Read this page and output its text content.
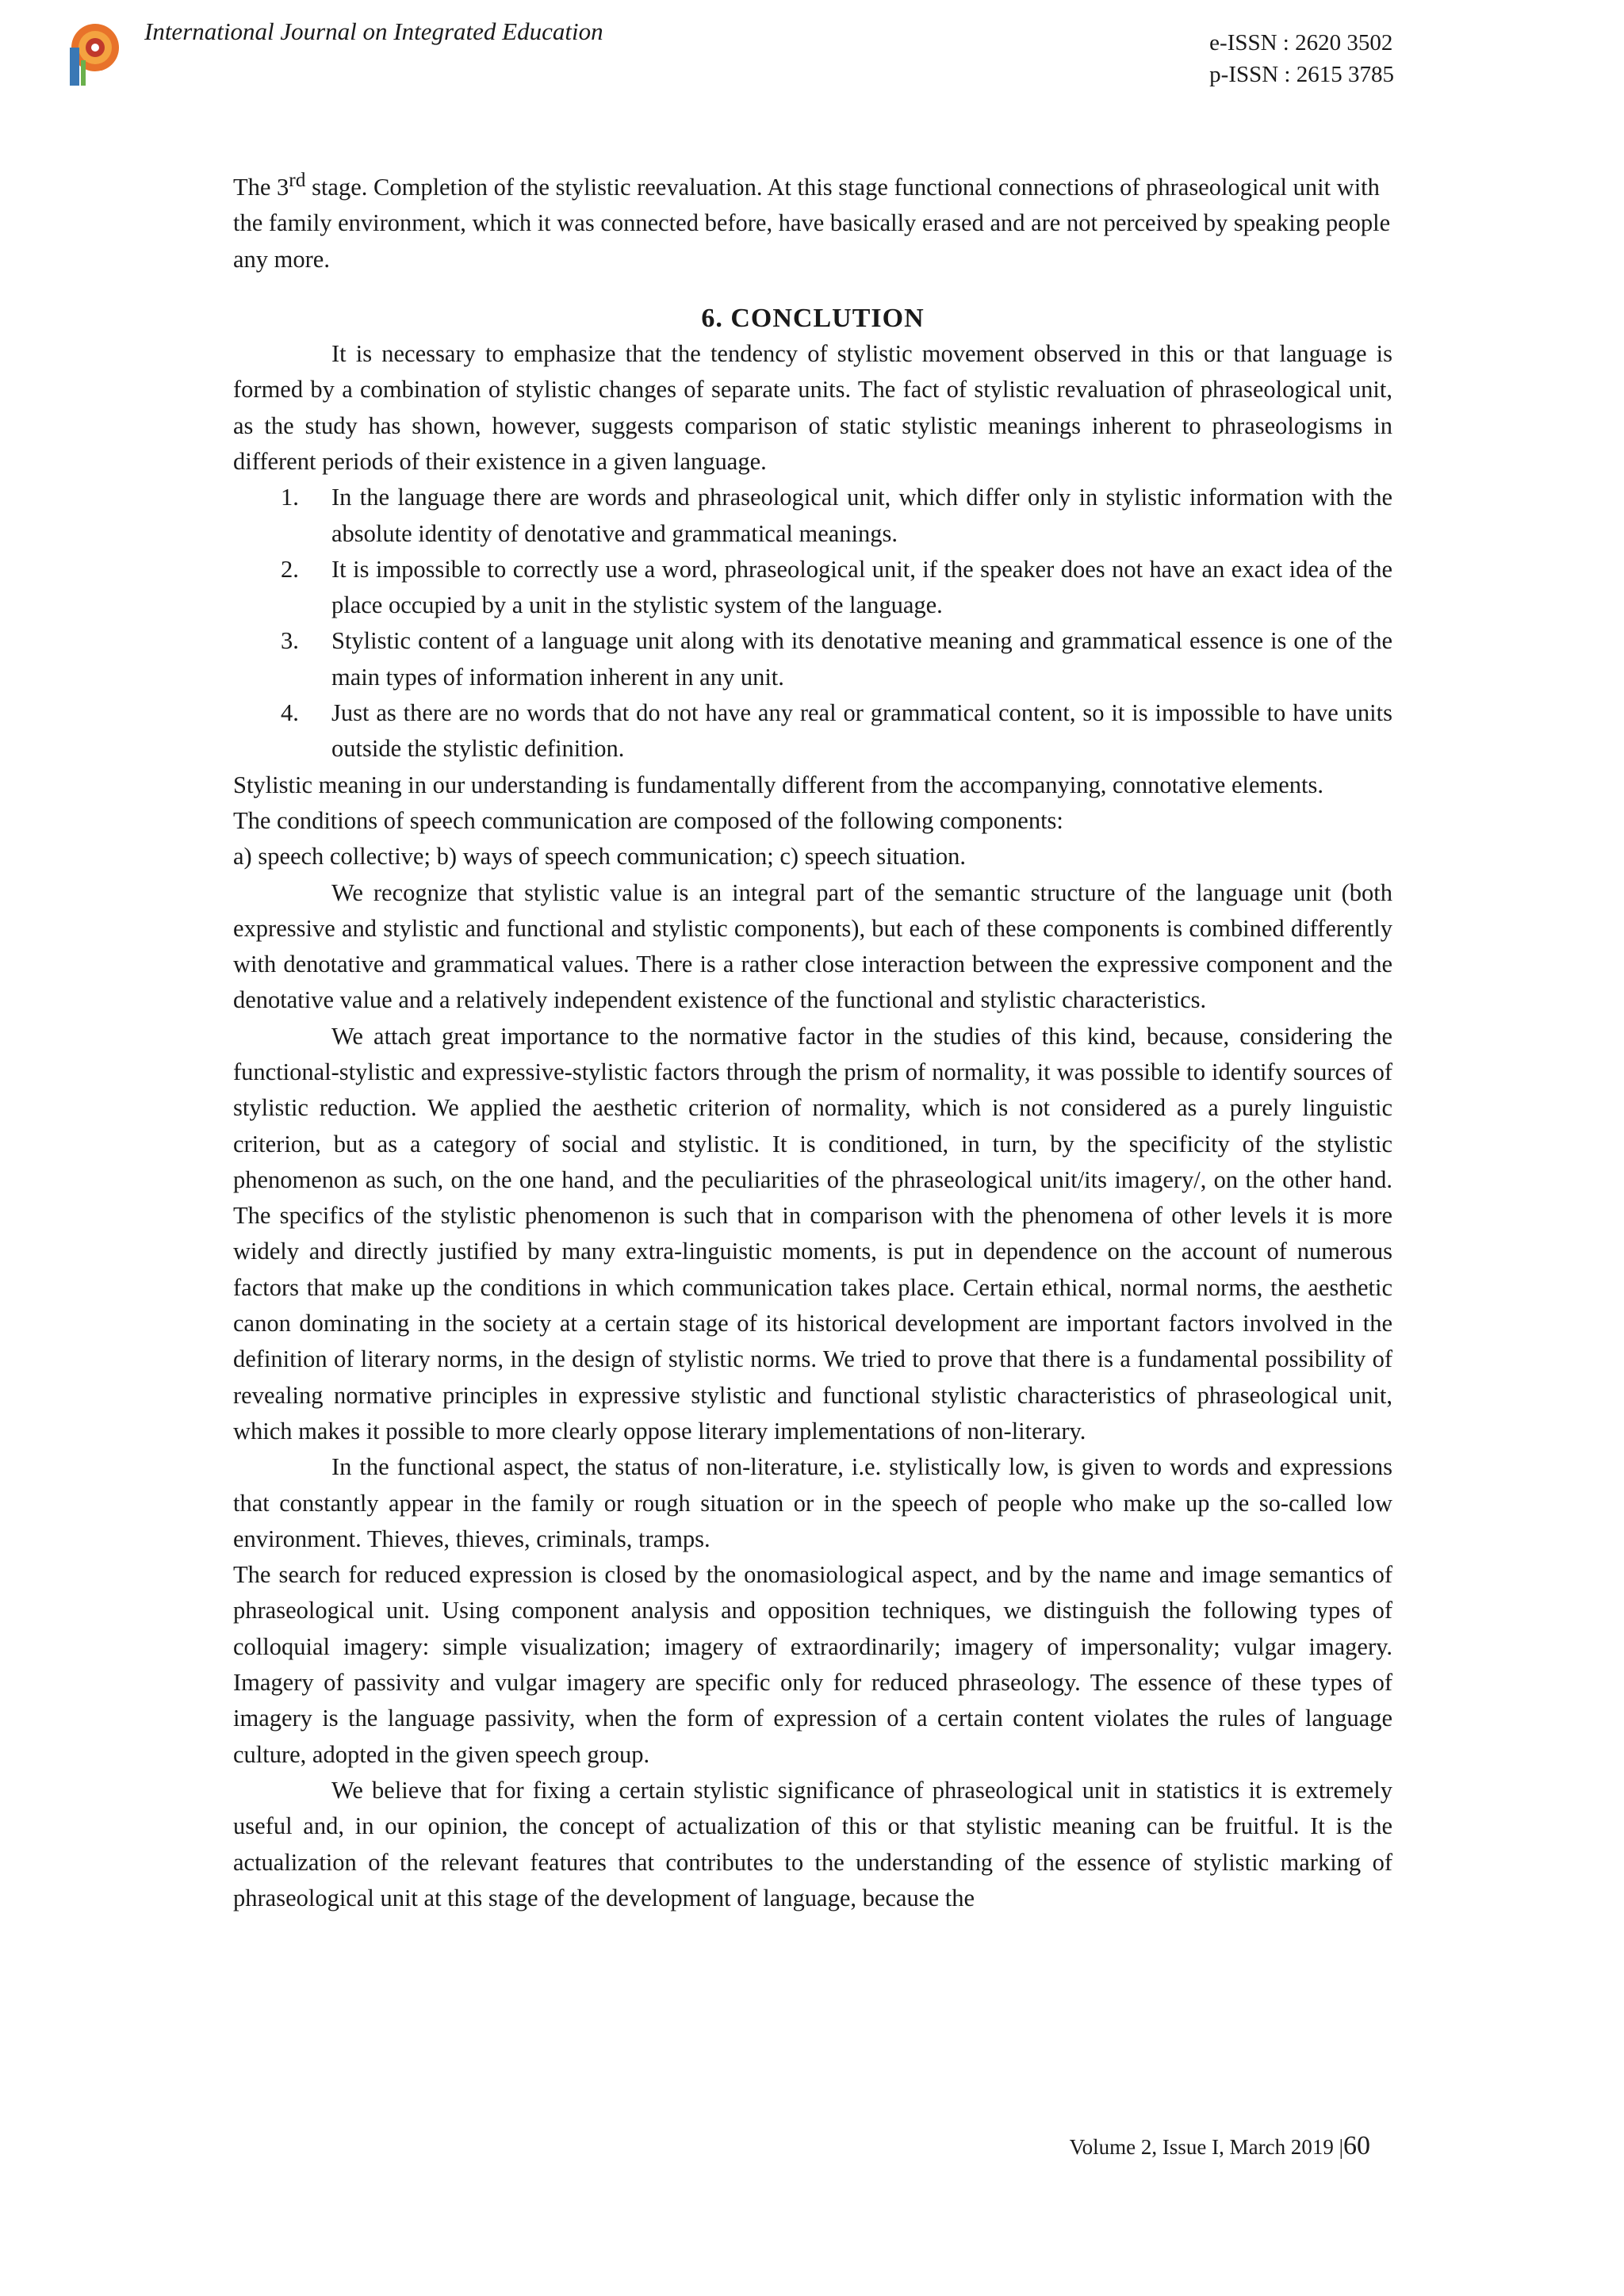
International Journal on Integrated Education	e-ISSN : 2620 3502
p-ISSN : 2615 3785

The 3rd stage. Completion of the stylistic reevaluation. At this stage functional connections of phraseological unit with the family environment, which it was connected before, have basically erased and are not perceived by speaking people any more.

6. CONCLUTION

It is necessary to emphasize that the tendency of stylistic movement observed in this or that language is formed by a combination of stylistic changes of separate units. The fact of stylistic revaluation of phraseological unit, as the study has shown, however, suggests comparison of static stylistic meanings inherent to phraseologisms in different periods of their existence in a given language.

1. In the language there are words and phraseological unit, which differ only in stylistic information with the absolute identity of denotative and grammatical meanings.
2. It is impossible to correctly use a word, phraseological unit, if the speaker does not have an exact idea of the place occupied by a unit in the stylistic system of the language.
3. Stylistic content of a language unit along with its denotative meaning and grammatical essence is one of the main types of information inherent in any unit.
4. Just as there are no words that do not have any real or grammatical content, so it is impossible to have units outside the stylistic definition.

Stylistic meaning in our understanding is fundamentally different from the accompanying, connotative elements.

The conditions of speech communication are composed of the following components:

a) speech collective; b) ways of speech communication; c) speech situation.

We recognize that stylistic value is an integral part of the semantic structure of the language unit (both expressive and stylistic and functional and stylistic components), but each of these components is combined differently with denotative and grammatical values. There is a rather close interaction between the expressive component and the denotative value and a relatively independent existence of the functional and stylistic characteristics.

We attach great importance to the normative factor in the studies of this kind, because, considering the functional-stylistic and expressive-stylistic factors through the prism of normality, it was possible to identify sources of stylistic reduction. We applied the aesthetic criterion of normality, which is not considered as a purely linguistic criterion, but as a category of social and stylistic. It is conditioned, in turn, by the specificity of the stylistic phenomenon as such, on the one hand, and the peculiarities of the phraseological unit/its imagery/, on the other hand. The specifics of the stylistic phenomenon is such that in comparison with the phenomena of other levels it is more widely and directly justified by many extra-linguistic moments, is put in dependence on the account of numerous factors that make up the conditions in which communication takes place. Certain ethical, normal norms, the aesthetic canon dominating in the society at a certain stage of its historical development are important factors involved in the definition of literary norms, in the design of stylistic norms. We tried to prove that there is a fundamental possibility of revealing normative principles in expressive stylistic and functional stylistic characteristics of phraseological unit, which makes it possible to more clearly oppose literary implementations of non-literary.

In the functional aspect, the status of non-literature, i.e. stylistically low, is given to words and expressions that constantly appear in the family or rough situation or in the speech of people who make up the so-called low environment. Thieves, thieves, criminals, tramps.

The search for reduced expression is closed by the onomasiological aspect, and by the name and image semantics of phraseological unit. Using component analysis and opposition techniques, we distinguish the following types of colloquial imagery: simple visualization; imagery of extraordinarily; imagery of impersonality; vulgar imagery. Imagery of passivity and vulgar imagery are specific only for reduced phraseology. The essence of these types of imagery is the language passivity, when the form of expression of a certain content violates the rules of language culture, adopted in the given speech group.

We believe that for fixing a certain stylistic significance of phraseological unit in statistics it is extremely useful and, in our opinion, the concept of actualization of this or that stylistic meaning can be fruitful. It is the actualization of the relevant features that contributes to the understanding of the essence of stylistic marking of phraseological unit at this stage of the development of language, because the

Volume 2, Issue I, March 2019 |60
